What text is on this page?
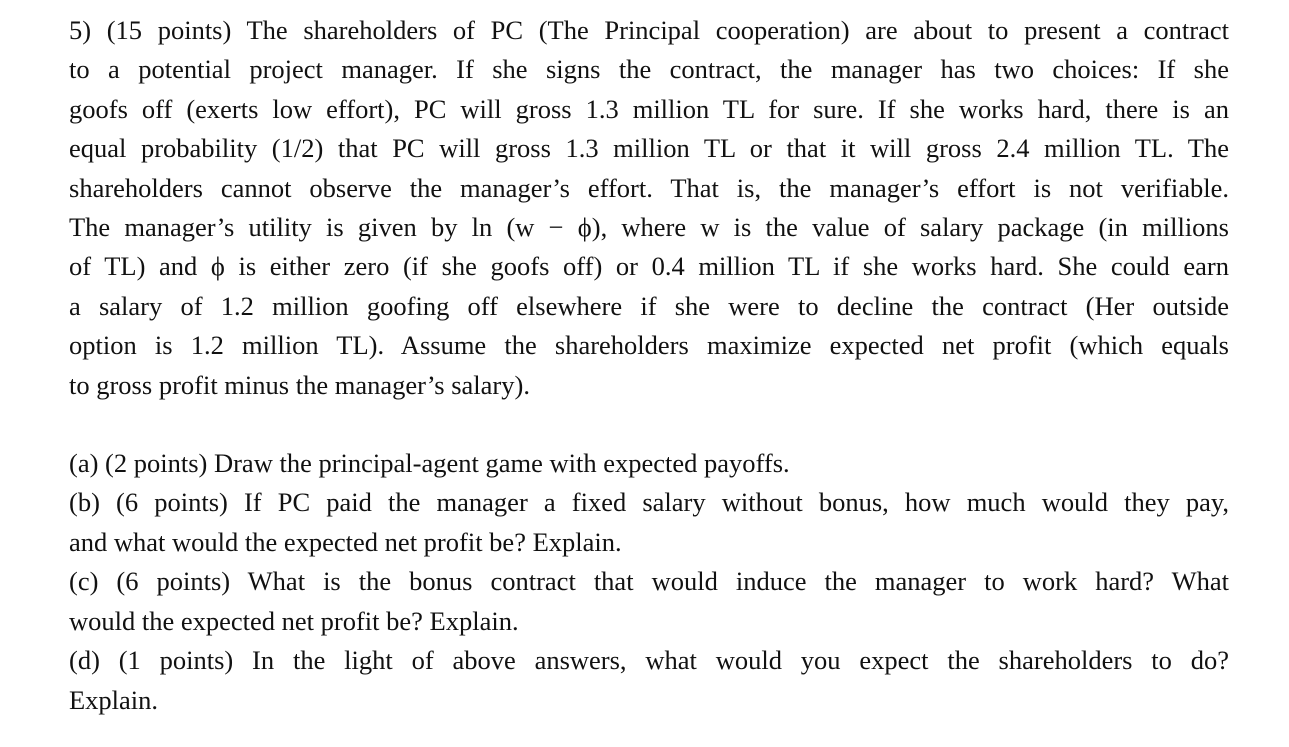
5) (15 points) The shareholders of PC (The Principal cooperation) are about to present a contract
to a potential project manager. If she signs the contract, the manager has two choices: If she
goofs off (exerts low effort), PC will gross 1.3 million TL for sure. If she works hard, there is an
equal probability (1/2) that PC will gross 1.3 million TL or that it will gross 2.4 million TL. The
shareholders cannot observe the manager’s effort. That is, the manager’s effort is not verifiable.
The manager’s utility is given by ln (w − ϕ), where w is the value of salary package (in millions
of TL) and ϕ is either zero (if she goofs off) or 0.4 million TL if she works hard. She could earn
a salary of 1.2 million goofing off elsewhere if she were to decline the contract (Her outside
option is 1.2 million TL). Assume the shareholders maximize expected net profit (which equals
to gross profit minus the manager’s salary).
(a) (2 points) Draw the principal-agent game with expected payoffs.
(b) (6 points) If PC paid the manager a fixed salary without bonus, how much would they pay,
and what would the expected net profit be? Explain.
(c) (6 points) What is the bonus contract that would induce the manager to work hard? What
would the expected net profit be? Explain.
(d) (1 points) In the light of above answers, what would you expect the shareholders to do?
Explain.
